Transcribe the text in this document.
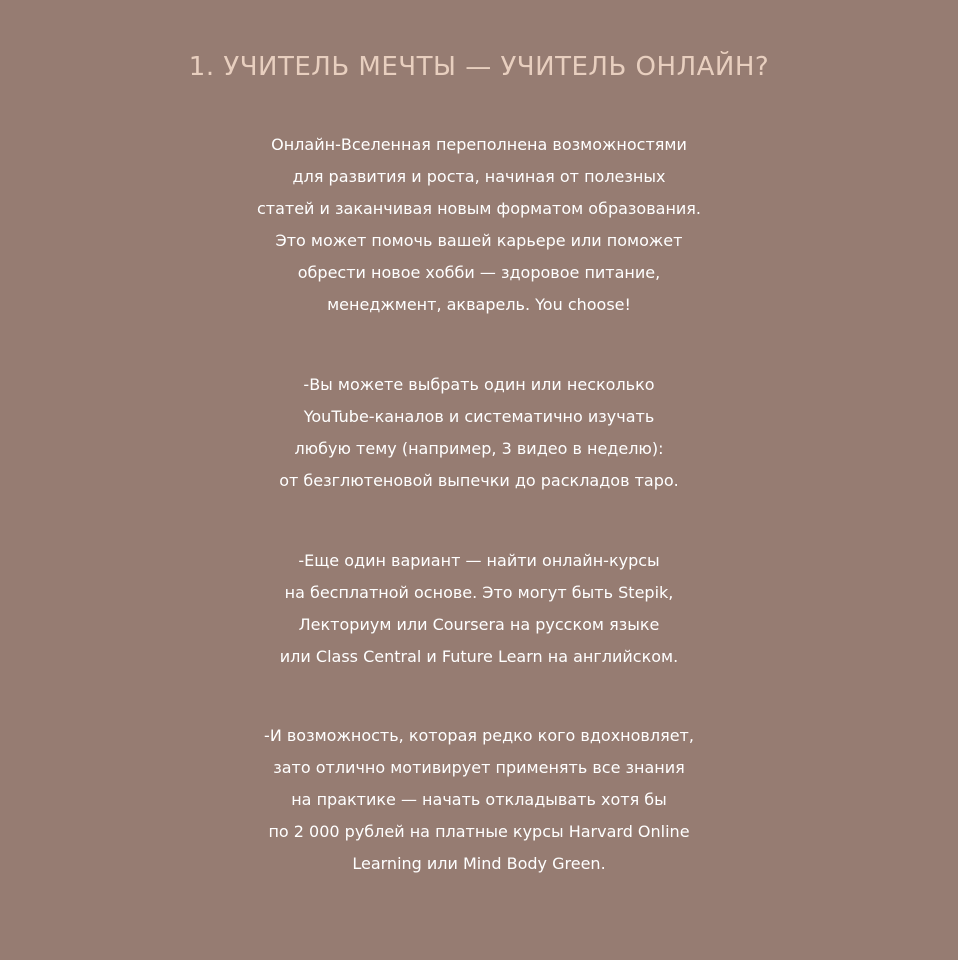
1. УЧИТЕЛЬ МЕЧТЫ — УЧИТЕЛЬ ОНЛАЙН?
Онлайн-Вселенная переполнена возможностями
для развития и роста, начиная от полезных
статей и заканчивая новым форматом образования.
Это может помочь вашей карьере или поможет
обрести новое хобби — здоровое питание,
менеджмент, акварель. You choose!
-Вы можете выбрать один или несколько
YouTube-каналов и систематично изучать
любую тему (например, 3 видео в неделю):
от безглютеновой выпечки до раскладов таро.
-Еще один вариант — найти онлайн-курсы
на бесплатной основе. Это могут быть Stepik,
Лекториум или Coursera на русском языке
или Class Central и Future Learn на английском.
-И возможность, которая редко кого вдохновляет,
зато отлично мотивирует применять все знания
на практике — начать откладывать хотя бы
по 2 000 рублей на платные курсы Harvard Online
Learning или Mind Body Green.
